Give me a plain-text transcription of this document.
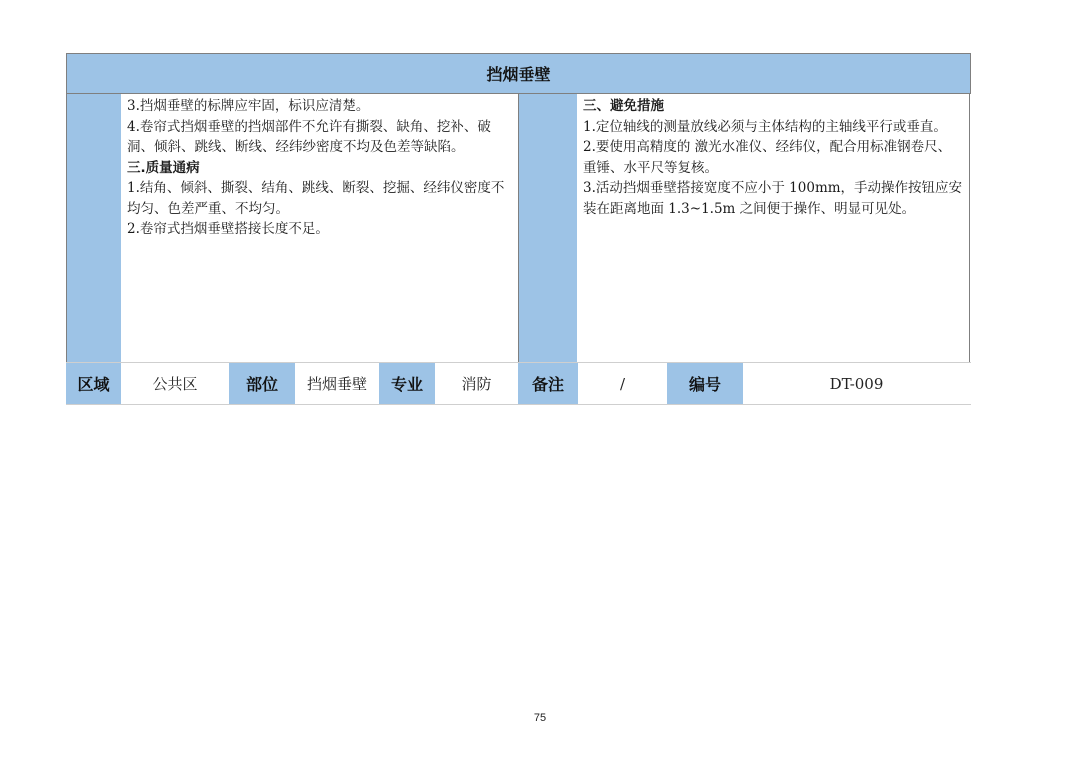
挡烟垂壁

3.挡烟垂壁的标牌应牢固，标识应清楚。

4.卷帘式挡烟垂壁的挡烟部件不允许有撕裂、缺角、挖补、破洞、倾斜、跳线、断线、经纬纱密度不均及色差等缺陷。

三.质量通病

1.结角、倾斜、撕裂、结角、跳线、断裂、挖掘、经纬仪密度不均匀、色差严重、不均匀。

2.卷帘式挡烟垂壁搭接长度不足。

三、避免措施

1.定位轴线的测量放线必须与主体结构的主轴线平行或垂直。

2.要使用高精度的 激光水准仪、经纬仪，配合用标准钢卷尺、重锤、水平尺等复核。

3.活动挡烟垂壁搭接宽度不应小于 100mm，手动操作按钮应安装在距离地面 1.3~1.5m 之间便于操作、明显可见处。

区域	公共区	部位	挡烟垂壁	专业	消防	备注	/	编号	DT-009
75
